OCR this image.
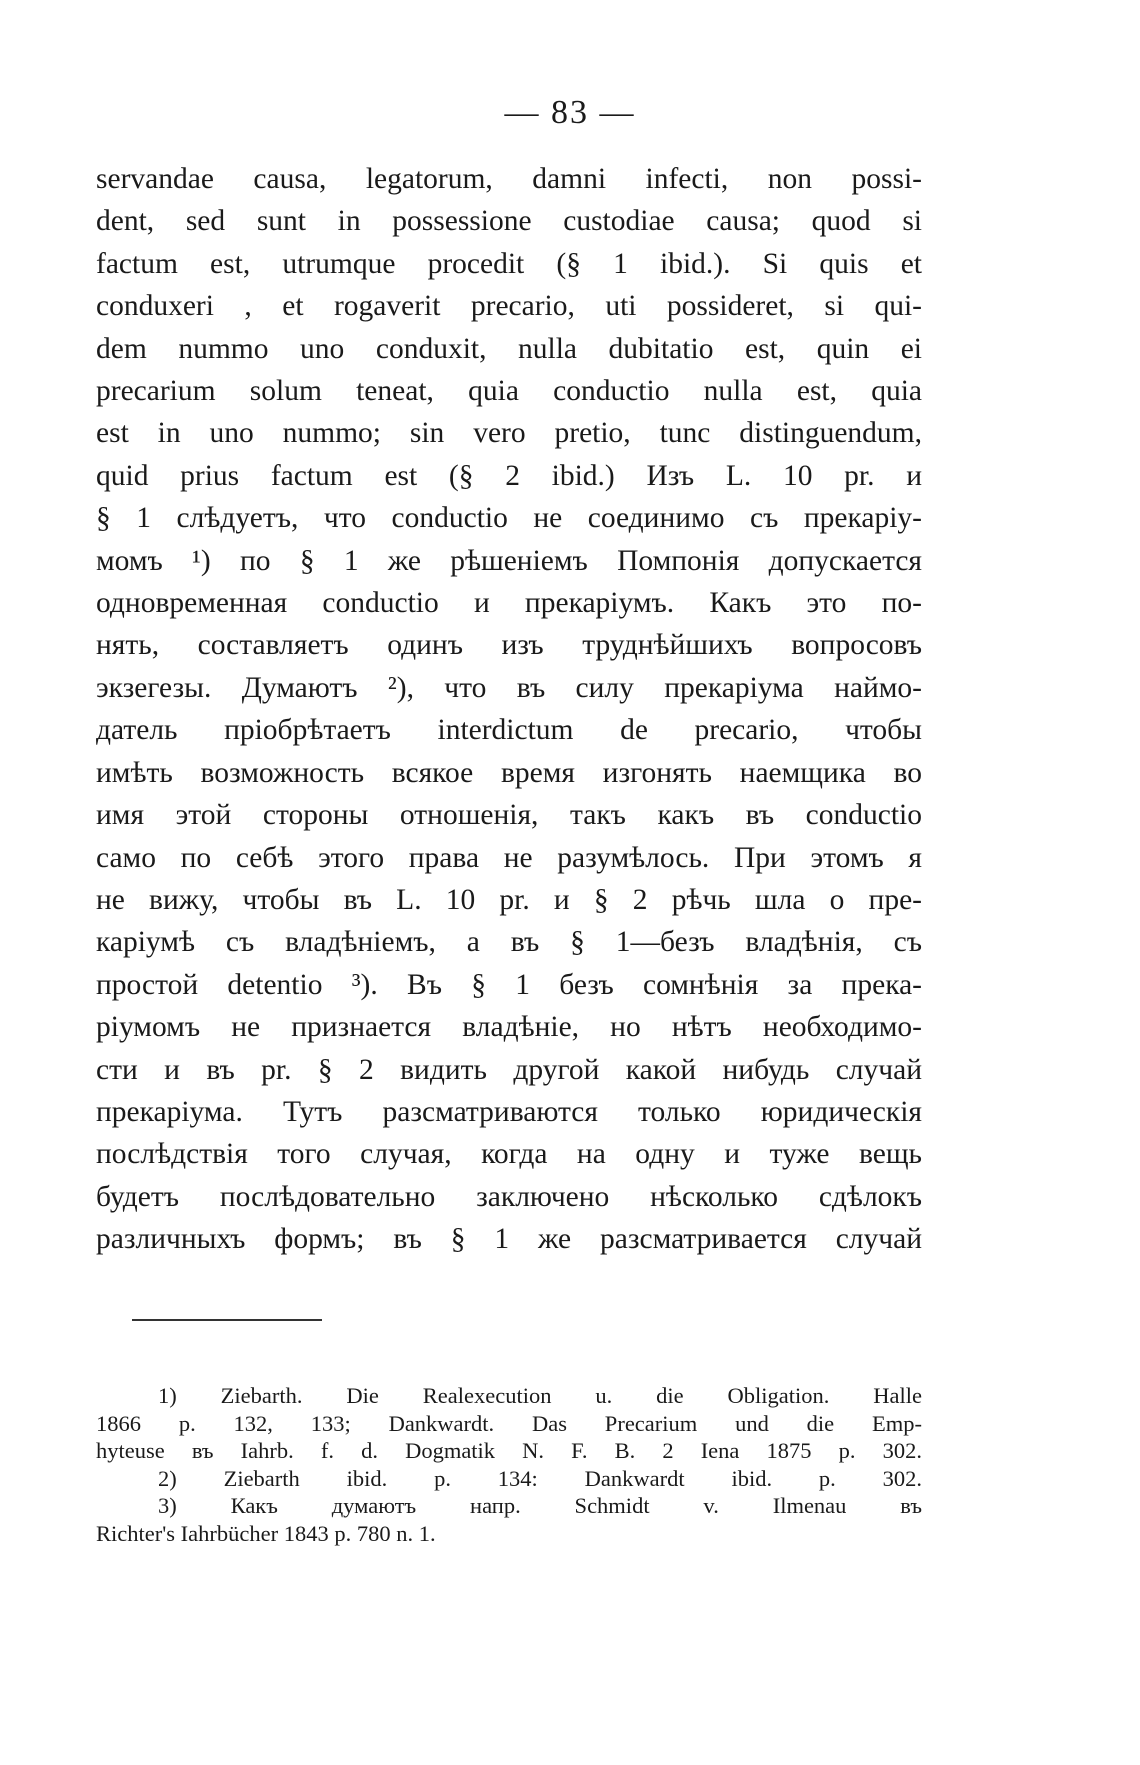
— 83 —
servandae causa, legatorum, damni infecti, non possi-
dent, sed sunt in possessione custodiae causa; quod si
factum est, utrumque procedit (§ 1 ibid.). Si quis et
conduxeri , et rogaverit precario, uti possideret, si qui-
dem nummo uno conduxit, nulla dubitatio est, quin ei
precarium solum teneat, quia conductio nulla est, quia
est in uno nummo; sin vero pretio, tunc distinguendum,
quid prius factum est (§ 2 ibid.) Изъ L. 10 pr. и
§ 1 слѣдуетъ, что conductio не соединимо съ прекаріу-
момъ ¹) по § 1 же рѣшеніемъ Помпонія допускается
одновременная conductio и прекаріумъ. Какъ это по-
нять, составляетъ одинъ изъ труднѣйшихъ вопросовъ
экзегезы. Думаютъ ²), что въ силу прекаріума наймо-
датель пріобрѣтаетъ interdictum de precario, чтобы
имѣть возможность всякое время изгонять наемщика во
имя этой стороны отношенія, такъ какъ въ conductio
само по себѣ этого права не разумѣлось. При этомъ я
не вижу, чтобы въ L. 10 pr. и § 2 рѣчь шла о пре-
каріумѣ съ владѣніемъ, а въ § 1—безъ владѣнія, съ
простой detentio ³). Въ § 1 безъ сомнѣнія за прека-
ріумомъ не признается владѣніе, но нѣтъ необходимо-
сти и въ pr. § 2 видить другой какой нибудь случай
прекаріума. Тутъ разсматриваются только юридическія
послѣдствія того случая, когда на одну и туже вещь
будетъ послѣдовательно заключено нѣсколько сдѣлокъ
различныхъ формъ; въ § 1 же разсматривается случай
1) Ziebarth. Die Realexecution u. die Obligation. Halle
1866 p. 132, 133; Dankwardt. Das Precarium und die Emp-
hyteuse въ Iahrb. f. d. Dogmatik N. F. B. 2 Iena 1875 p. 302.
2) Ziebarth ibid. p. 134: Dankwardt ibid. p. 302.
3) Какъ думаютъ напр. Schmidt v. Ilmenau въ
Richter's Iahrbücher 1843 p. 780 n. 1.
